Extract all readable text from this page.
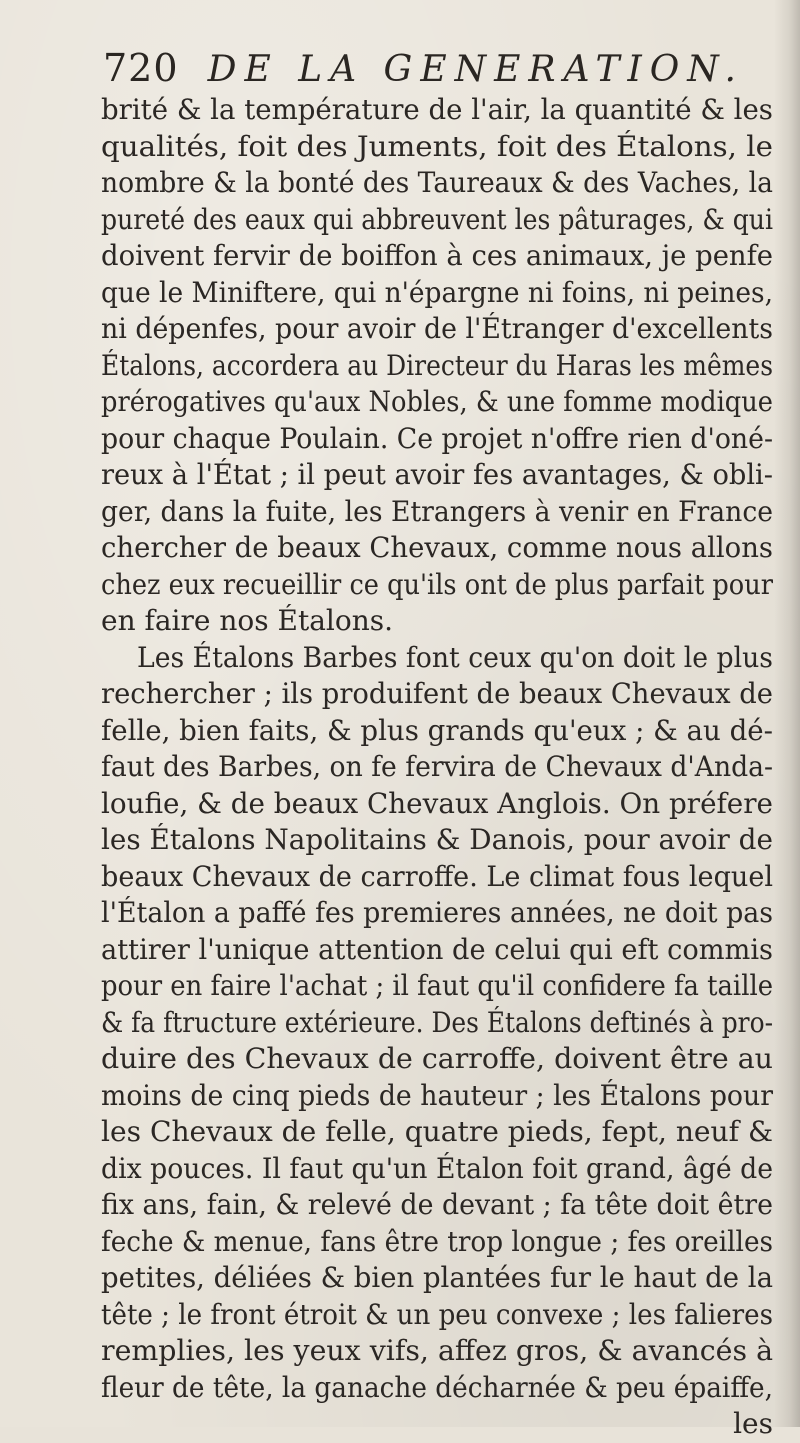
720 DE LA GENERATION.
brité & la température de l'air, la quantité & les
qualités, foit des Juments, foit des Étalons, le
nombre & la bonté des Taureaux & des Vaches, la
pureté des eaux qui abbreuvent les pâturages, & qui
doivent fervir de boiffon à ces animaux, je penfe
que le Miniftere, qui n'épargne ni foins, ni peines,
ni dépenfes, pour avoir de l'Étranger d'excellents
Étalons, accordera au Directeur du Haras les mêmes
prérogatives qu'aux Nobles, & une fomme modique
pour chaque Poulain. Ce projet n'offre rien d'oné-
reux à l'État ; il peut avoir fes avantages, & obli-
ger, dans la fuite, les Etrangers à venir en France
chercher de beaux Chevaux, comme nous allons
chez eux recueillir ce qu'ils ont de plus parfait pour
en faire nos Étalons.
Les Étalons Barbes font ceux qu'on doit le plus
rechercher ; ils produifent de beaux Chevaux de
felle, bien faits, & plus grands qu'eux ; & au dé-
faut des Barbes, on fe fervira de Chevaux d'Anda-
loufie, & de beaux Chevaux Anglois. On préfere
les Étalons Napolitains & Danois, pour avoir de
beaux Chevaux de carroffe. Le climat fous lequel
l'Étalon a paffé fes premieres années, ne doit pas
attirer l'unique attention de celui qui eft commis
pour en faire l'achat ; il faut qu'il confidere fa taille
& fa ftructure extérieure. Des Étalons deftinés à pro-
duire des Chevaux de carroffe, doivent être au
moins de cinq pieds de hauteur ; les Étalons pour
les Chevaux de felle, quatre pieds, fept, neuf &
dix pouces. Il faut qu'un Étalon foit grand, âgé de
fix ans, fain, & relevé de devant ; fa tête doit être
feche & menue, fans être trop longue ; fes oreilles
petites, déliées & bien plantées fur le haut de la
tête ; le front étroit & un peu convexe ; les falieres
remplies, les yeux vifs, affez gros, & avancés à
fleur de tête, la ganache décharnée & peu épaiffe,
les
